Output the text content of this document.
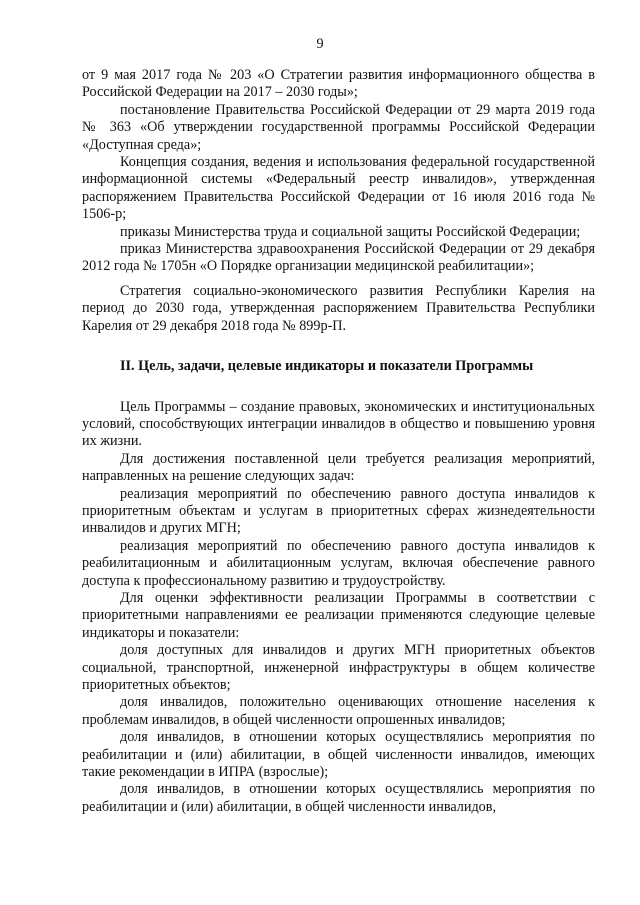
9

от 9 мая 2017 года № 203 «О Стратегии развития информационного общества в Российской Федерации на 2017 – 2030 годы»;

постановление Правительства Российской Федерации от 29 марта 2019 года № 363 «Об утверждении государственной программы Российской Федерации «Доступная среда»;

Концепция создания, ведения и использования федеральной государственной информационной системы «Федеральный реестр инвалидов», утвержденная распоряжением Правительства Российской Федерации от 16 июля 2016 года № 1506-р;

приказы Министерства труда и социальной защиты Российской Федерации;

приказ Министерства здравоохранения Российской Федерации от 29 декабря 2012 года № 1705н «О Порядке организации медицинской реабилитации»;

Стратегия социально-экономического развития Республики Карелия на период до 2030 года, утвержденная распоряжением Правительства Республики Карелия от 29 декабря 2018 года № 899р-П.

II. Цель, задачи, целевые индикаторы и показатели Программы

Цель Программы – создание правовых, экономических и институциональных условий, способствующих интеграции инвалидов в общество и повышению уровня их жизни.

Для достижения поставленной цели требуется реализация мероприятий, направленных на решение следующих задач:

реализация мероприятий по обеспечению равного доступа инвалидов к приоритетным объектам и услугам в приоритетных сферах жизнедеятельности инвалидов и других МГН;

реализация мероприятий по обеспечению равного доступа инвалидов к реабилитационным и абилитационным услугам, включая обеспечение равного доступа к профессиональному развитию и трудоустройству.

Для оценки эффективности реализации Программы в соответствии с приоритетными направлениями ее реализации применяются следующие целевые индикаторы и показатели:

доля доступных для инвалидов и других МГН приоритетных объектов социальной, транспортной, инженерной инфраструктуры в общем количестве приоритетных объектов;

доля инвалидов, положительно оценивающих отношение населения к проблемам инвалидов, в общей численности опрошенных инвалидов;

доля инвалидов, в отношении которых осуществлялись мероприятия по реабилитации и (или) абилитации, в общей численности инвалидов, имеющих такие рекомендации в ИПРА (взрослые);

доля инвалидов, в отношении которых осуществлялись мероприятия по реабилитации и (или) абилитации, в общей численности инвалидов,
